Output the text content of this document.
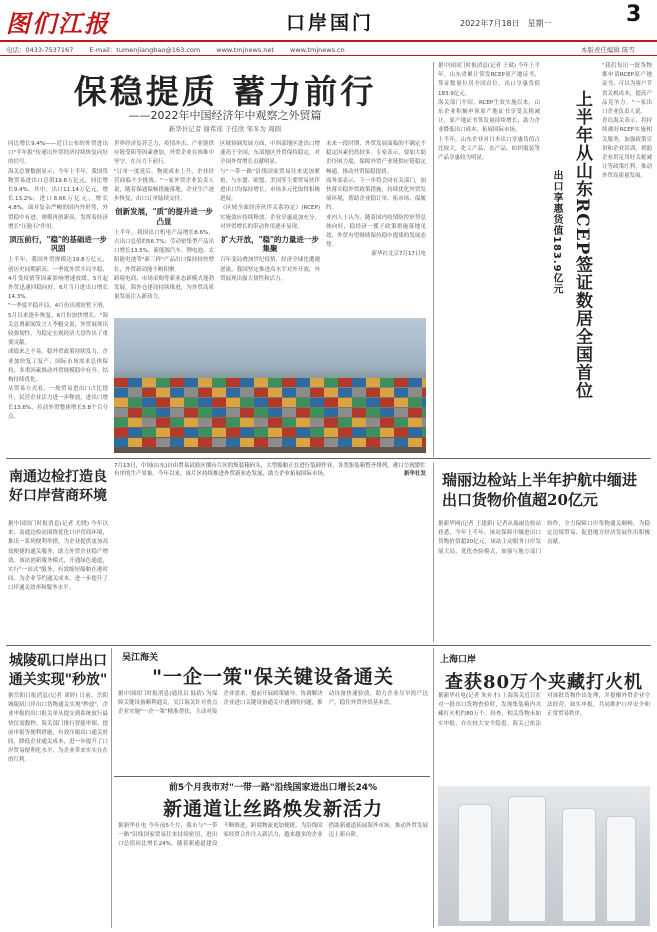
图们江报	口岸国门	2022年7月18日　星期一	3
电话：0433-7537167 E-mail：tumenjiangbao@163.com www.tmjnews.net www.tmjnews.cn	本版责任编辑 陈雪
保稳提质 蓄力前行
——2022年中国经济年中观察之外贸篇
新华社记者 谢希瑶 于佳欣 邹多为 周圆

同比增长9.4%——近日公布的外贸进出口"半年报"传递出外贸经济持续恢复向好的信号。

海关总署数据显示，今年上半年，我国货物贸易进出口总值19.8万亿元，同比增长9.4%。其中，出口11.14万亿元，增长13.2%；进口8.66万亿元，增长4.8%。面对复杂严峻的国内外形势，外贸稳中有进、规模再创新高，发挥着经济增长"压舱石"作用。

顶压前行，"稳"的基础进一步巩固

上半年，我国外贸规模达19.8万亿元，创历史同期新高。一季度外贸开局平稳，4月受疫情等因素影响增速放缓，5月起外贸迅速回稳向好，6月当月进出口增长14.3%。

"一季度平稳开局，4月份出现短暂下滑，5月以来逐步恢复，6月份加快增长。"海关总署新闻发言人李魁文说，外贸展现出较强韧性，为稳定宏观经济大盘作出了重要贡献。

成绩来之不易。稳外贸政策持续发力，企业加快复工复产，国际市场需求总体保持，多重因素推动外贸规模稳中有升、结构持续优化。

从贸易方式看，一般贸易进出口占比提升，民营企业活力进一步释放，进出口增长13.6%，拉动外贸整体增长5.8个百分点。

世界经济复苏乏力、疫情冲击、产业链供应链受阻等因素叠加，外贸企业在困难中坚守，在压力下前行。

"订单一度延后，物流成本上升，企业经营面临不少挑战。"一家外贸企业负责人说，随着保通保畅措施落地，企业生产逐步恢复，出口订单陆续交付。

创新发展，"质"的提升进一步凸显

上半年，我国出口机电产品增长8.6%，占出口总值的56.7%；劳动密集型产品出口增长13.5%。新能源汽车、锂电池、太阳能电池等"新三样"产品出口保持较快增长，外贸新动能不断积聚。

跨境电商、市场采购等新业态新模式蓬勃发展，海外仓建设持续推进，为外贸高质量发展注入新动力。

区域协调发展方面，中西部地区进出口增速高于全国，东部地区外贸保持稳定，对全国外贸增长贡献明显。

与"一带一路"沿线国家贸易往来更加紧密，与东盟、欧盟、美国等主要贸易伙伴进出口均保持增长，市场多元化取得积极进展。

《区域全面经济伙伴关系协定》(RCEP)实施效应持续释放，企业享惠更加充分，对外贸增长的带动作用逐步显现。

扩大开放，"稳"的力量进一步集聚

百年变局叠加世纪疫情，经济全球化遭遇逆流，我国坚定推进高水平对外开放，外贸展现出强大韧性和活力。

未来一段时期，外贸发展面临的不确定不稳定因素仍然较多。专家表示，要加大助企纾困力度，保障外贸产业链供应链稳定畅通，推动外贸保稳提质。

商务部表示，下一步将会同有关部门，加快落实稳外贸政策措施，持续优化外贸发展环境，帮助企业稳订单、拓市场、保履约。

业内人士认为，随着国内疫情防控形势总体向好，稳经济一揽子政策措施落地见效，外贸有望继续保持稳中提质的发展态势。

新华社北京7月17日电

据中国国门时报消息(记者 王斌) 今年上半年，山东省累计签发RCEP原产地证书，签证数量位居全国首位，出口享惠货值183.9亿元。

海关部门介绍，RCEP生效实施以来，山东企业积极申领原产地证书享受关税减让，原产地证书签发量持续增长，助力企业降低出口成本、拓展国际市场。

上半年，山东企业对日本出口享惠货值占比较大，化工产品、农产品、纺织服装等产品享惠较为明显。

出口享惠货值183.9亿元 上半年从山东RCEP签证数居全国首位

"我们每出一批货物都申请RCEP原产地证书，可以为客户节省关税成本，提高产品竞争力。"一家出口企业负责人说。

青岛海关表示，将持续做好RCEP实施相关服务，加强政策宣讲和企业培训，帮助企业用足用好关税减让等政策红利，推动外贸高质量发展。

南通边检打造良好口岸营商环境
据中国国门时报消息(记者 尤晓) 今年以来，南通边检站围绕优化口岸营商环境，推出一系列便利举措，为企业提供更加高效便捷的通关服务，助力外贸企业稳产增效。该站创新服务模式，开通绿色通道，实行"一站式"服务，有效缩短船舶在港时间，为企业节约通关成本，进一步提升了口岸通关效率和服务水平。
7月13日，中国(山东)自由贸易试验区烟台片区的集装箱码头，大型船舶正在进行装卸作业，各类集装箱整齐排列，港口呈现繁忙有序的生产景象。今年以来，该片区持续推进外贸新业态发展，助力企业拓展国际市场。	新华社发 瑞丽边检站上半年护航中缅进出口货物价值超20亿元
据新华网(记者 王建新) 记者从瑞丽边检站获悉，今年上半年，该站保障中缅进出口货物价值超20亿元。该站主动服务口岸发展大局，优化查验模式，加强与地方部门协作，全力保障口岸货物通关顺畅，为稳定边境贸易、促进地方经济发展作出积极贡献。
城陵矶口岸出口通关实现"秒放"
据岳阳日报消息(记者 刘婷) 日前，岳阳城陵矶口岸出口货物通关实现"秒放"，企业申报的出口报关单从提交到系统放行最快仅需数秒。海关部门推行智能审图、提前申报等便利措施，有效压缩出口通关时间，降低企业通关成本，进一步提升了口岸贸易便利化水平，为企业带来实实在在的红利。
吴江海关
"一企一策"保关键设备通关
据中国国门时报消息(通讯员 陆倩) 为保障关键设备顺利通关，吴江海关针对重点企业实施"一企一策"精准帮扶，主动对接企业需求，提前开展政策辅导，协调解决企业进口关键设备通关中遇到的问题，推动设备快速验放，助力企业尽早投产达产，稳住外贸外资基本盘。
前5个月我市对"一带一路"沿线国家进出口增长24%
新通道让丝路焕发新活力
据新华社电 今年前5个月，我市与"一带一路"沿线国家贸易往来持续密切，进出口总值同比增长24%。随着新通道建设不断推进，跨境物流更加便捷，为沿线国家经贸合作注入新活力，越来越多的企业借助新通道拓展海外市场，推动外贸发展迈上新台阶。
上海口岸
查获80万个夹藏打火机
据新华社电(记者 朱有才) 上海海关近日在对一批出口货物查验时，发现集装箱内夹藏打火机约80万个。经查，相关货物未如实申报，存在较大安全隐患。海关已依法对该批货物作出处理，并提醒外贸企业守法经营、如实申报，共同维护口岸安全和正常贸易秩序。
